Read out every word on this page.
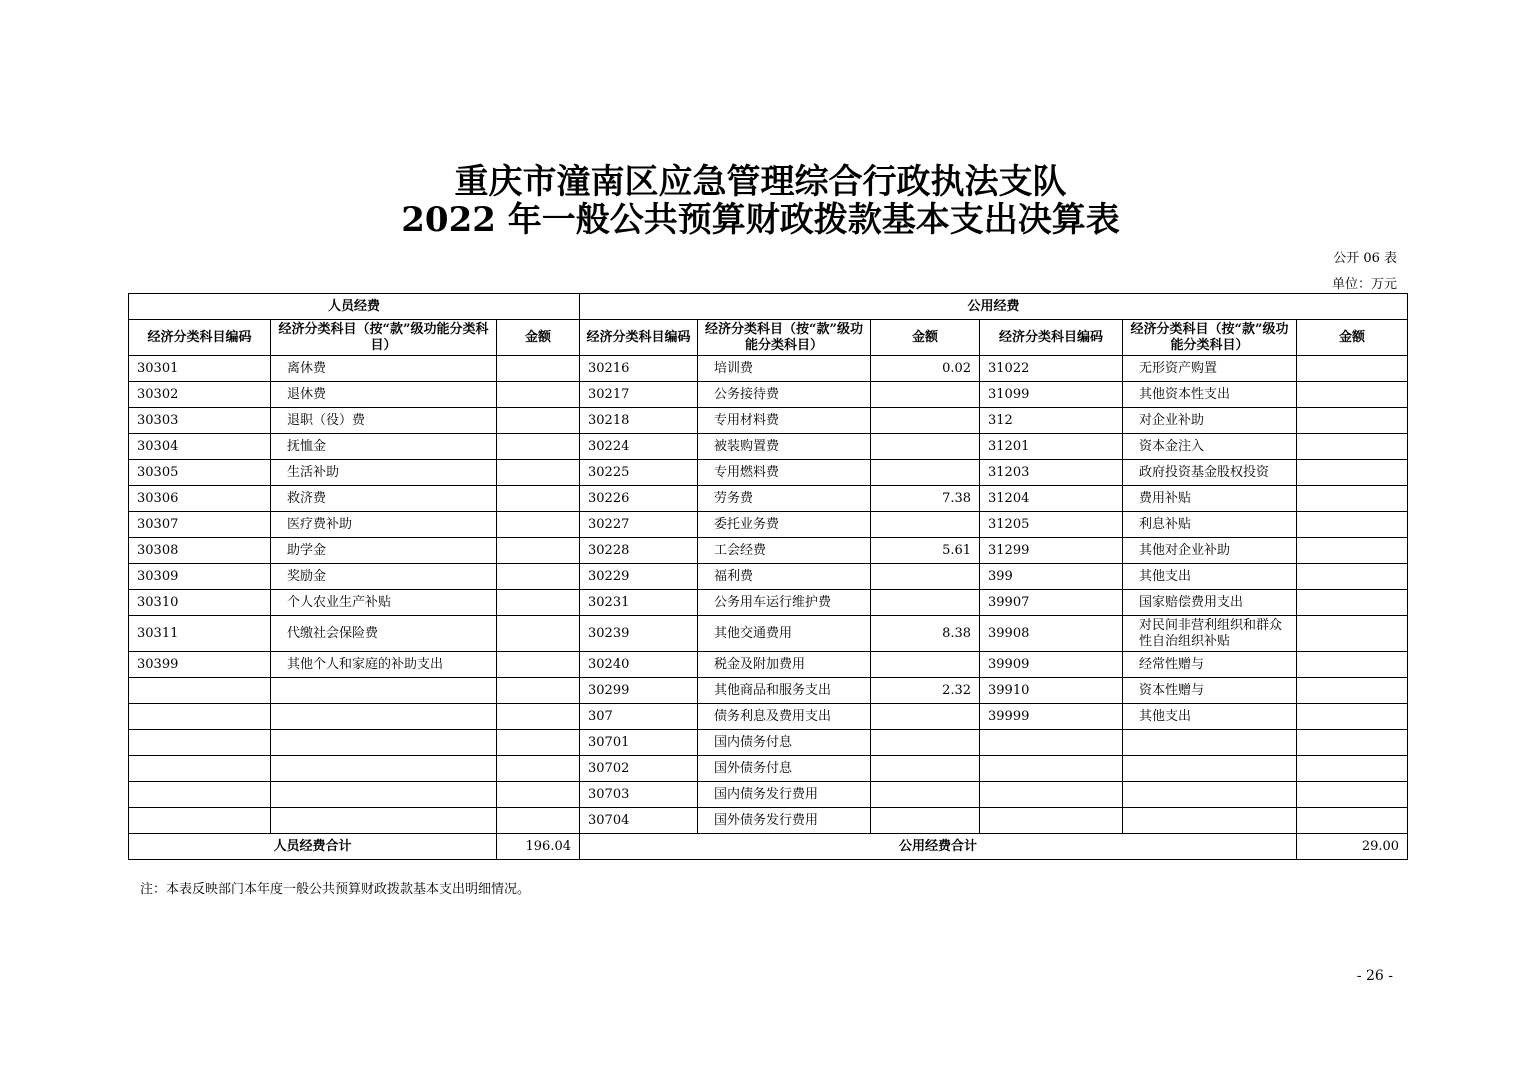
重庆市潼南区应急管理综合行政执法支队
2022 年一般公共预算财政拨款基本支出决算表
公开 06 表
单位：万元
人员经费			公用经费					
经济分类科目编码	经济分类科目（按“款”级功能分类科目）	金额	经济分类科目编码	经济分类科目（按“款”级功能分类科目）	金额	经济分类科目编码	经济分类科目（按“款”级功能分类科目）	金额
30301	离休费		30216	培训费	0.02	31022	无形资产购置	
30302	退休费		30217	公务接待费		31099	其他资本性支出	
30303	退职（役）费		30218	专用材料费		312	对企业补助	
30304	抚恤金		30224	被装购置费		31201	资本金注入	
30305	生活补助		30225	专用燃料费		31203	政府投资基金股权投资	
30306	救济费		30226	劳务费	7.38	31204	费用补贴	
30307	医疗费补助		30227	委托业务费		31205	利息补贴	
30308	助学金		30228	工会经费	5.61	31299	其他对企业补助	
30309	奖励金		30229	福利费		399	其他支出	
30310	个人农业生产补贴		30231	公务用车运行维护费		39907	国家赔偿费用支出	
30311	代缴社会保险费		30239	其他交通费用	8.38	39908	对民间非营利组织和群众性自治组织补贴	
30399	其他个人和家庭的补助支出		30240	税金及附加费用		39909	经常性赠与	
			30299	其他商品和服务支出	2.32	39910	资本性赠与	
			307	债务利息及费用支出		39999	其他支出	
			30701	国内债务付息				
			30702	国外债务付息				
			30703	国内债务发行费用				
			30704	国外债务发行费用				
人员经费合计		196.04	公用经费合计					29.00
注：本表反映部门本年度一般公共预算财政拨款基本支出明细情况。
- 26 -
